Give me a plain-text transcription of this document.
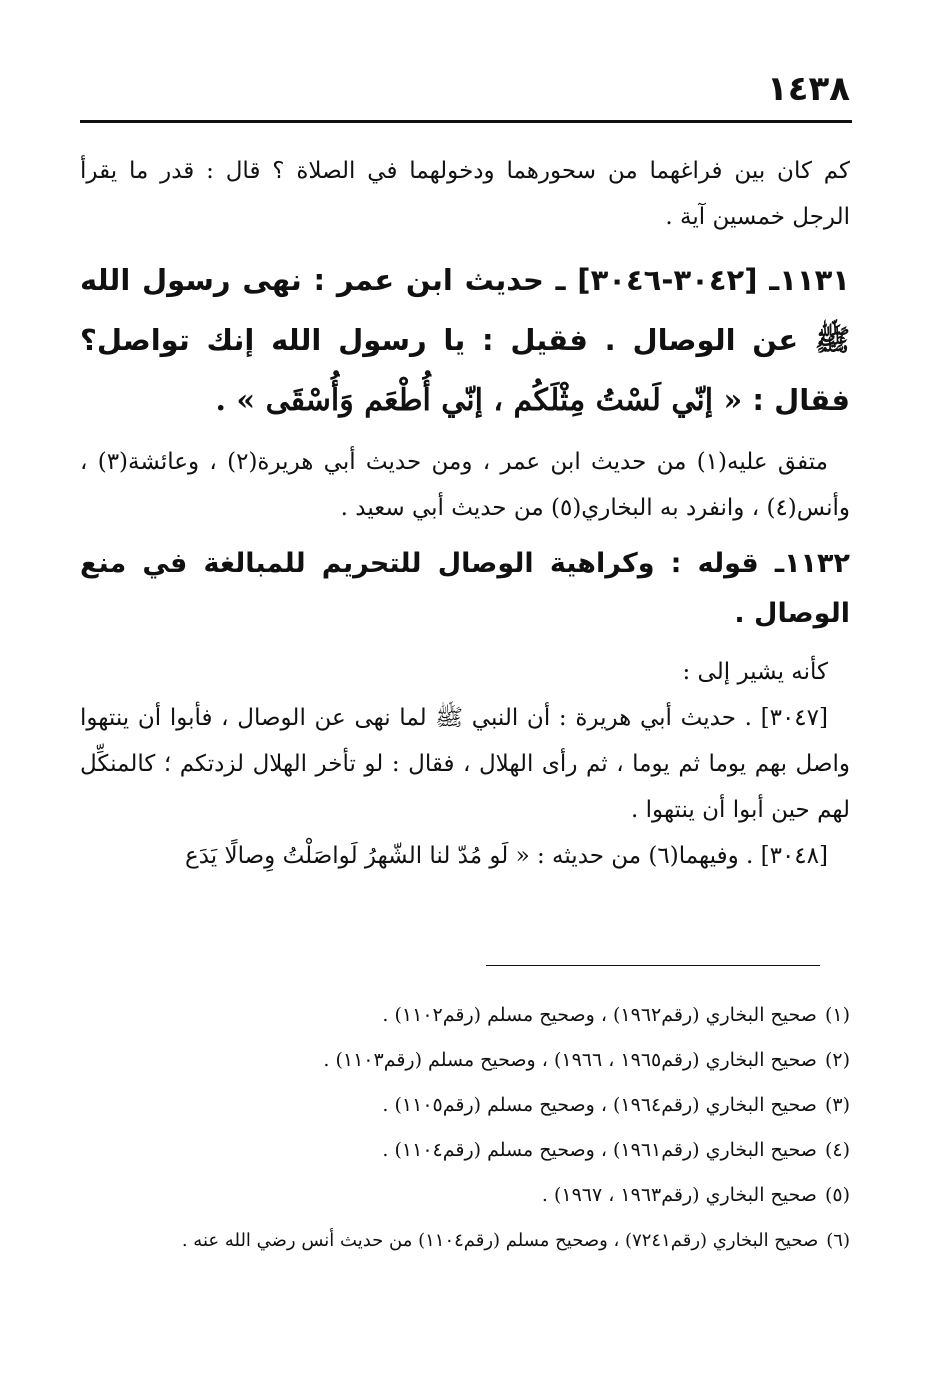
١٤٣٨

كم كان بين فراغهما من سحورهما ودخولهما في الصلاة ؟ قال : قدر ما يقرأ الرجل خمسين آية .

١١٣١ـ [٣٠٤٢-٣٠٤٦] ـ حديث ابن عمر : نهى رسول الله ﷺ عن الوصال . فقيل : يا رسول الله إنك تواصل؟ فقال : « إنّي لَسْتُ مِثْلَكُم ، إنّي أُطْعَم وَأُسْقَى » .

متفق عليه(١) من حديث ابن عمر ، ومن حديث أبي هريرة(٢) ، وعائشة(٣) ، وأنس(٤) ، وانفرد به البخاري(٥) من حديث أبي سعيد .

١١٣٢ـ قوله : وكراهية الوصال للتحريم للمبالغة في منع الوصال .

كأنه يشير إلى :

[٣٠٤٧] . حديث أبي هريرة : أن النبي ﷺ لما نهى عن الوصال ، فأبوا أن ينتهوا واصل بهم يوما ثم يوما ، ثم رأى الهلال ، فقال : لو تأخر الهلال لزدتكم ؛ كالمنكِّل لهم حين أبوا أن ينتهوا .

[٣٠٤٨] . وفيهما(٦) من حديثه : « لَو مُدّ لنا الشّهرُ لَواصَلْتُ وِصالًا يَدَع

(١)صحيح البخاري (رقم١٩٦٢) ، وصحيح مسلم (رقم١١٠٢) .

(٢)صحيح البخاري (رقم١٩٦٥ ، ١٩٦٦) ، وصحيح مسلم (رقم١١٠٣) .

(٣)صحيح البخاري (رقم١٩٦٤) ، وصحيح مسلم (رقم١١٠٥) .

(٤)صحيح البخاري (رقم١٩٦١) ، وصحيح مسلم (رقم١١٠٤) .

(٥)صحيح البخاري (رقم١٩٦٣ ، ١٩٦٧) .

(٦)صحيح البخاري (رقم٧٢٤١) ، وصحيح مسلم (رقم١١٠٤) من حديث أنس رضي الله عنه .
